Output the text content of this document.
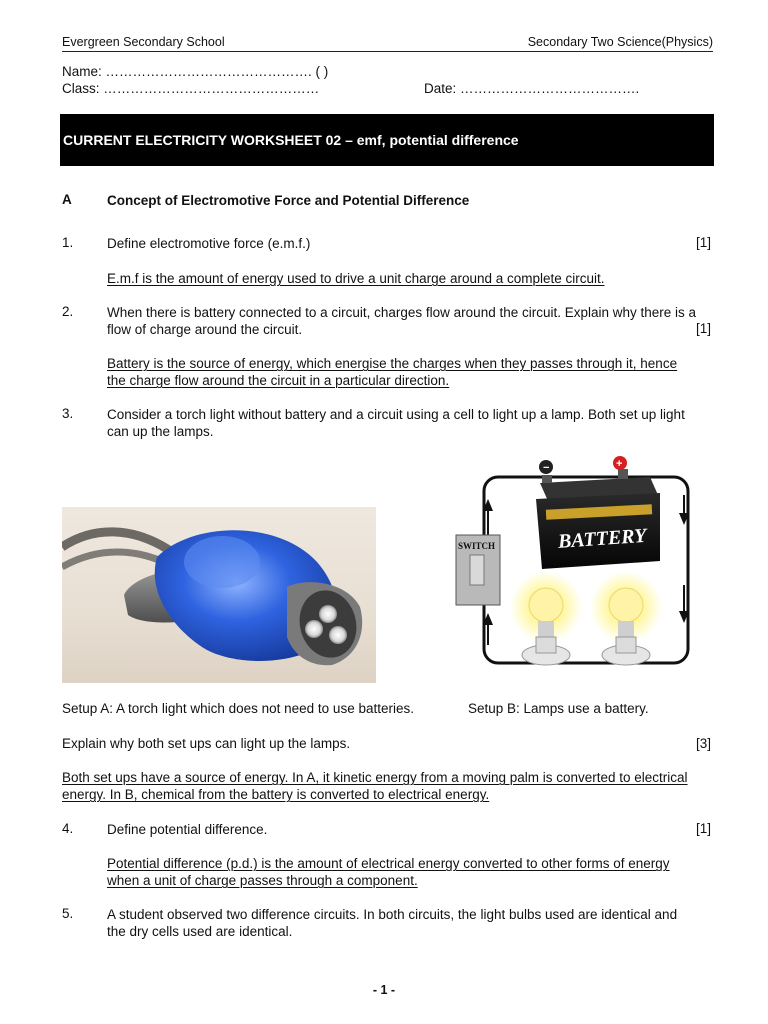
Evergreen Secondary School	Secondary Two Science(Physics)
Name: ………………………………………. ( )
Class: …………………………………………	Date: ………………………………….
CURRENT ELECTRICITY WORKSHEET 02 – emf, potential difference
A	Concept of Electromotive Force and Potential Difference
1. Define electromotive force (e.m.f.)	[1]
E.m.f is the amount of energy used to drive a unit charge around a complete circuit.
2. When there is battery connected to a circuit, charges flow around the circuit. Explain why there is a
flow of charge around the circuit.	[1]
Battery is the source of energy, which energise the charges when they passes through it, hence
the charge flow around the circuit in a particular direction.
3. Consider a torch light without battery and a circuit using a cell to light up a lamp. Both set up light
can up the lamps.
SWITCH	BATTERY
−	+
Setup A: A torch light which does not need to use batteries.	Setup B: Lamps use a battery.
Explain why both set ups can light up the lamps.	[3]
Both set ups have a source of energy. In A, it kinetic energy from a moving palm is converted to electrical
energy. In B, chemical from the battery is converted to electrical energy.
4. Define potential difference.	[1]
Potential difference (p.d.) is the amount of electrical energy converted to other forms of energy
when a unit of charge passes through a component.
5. A student observed two difference circuits. In both circuits, the light bulbs used are identical and
the dry cells used are identical.
- 1 -
